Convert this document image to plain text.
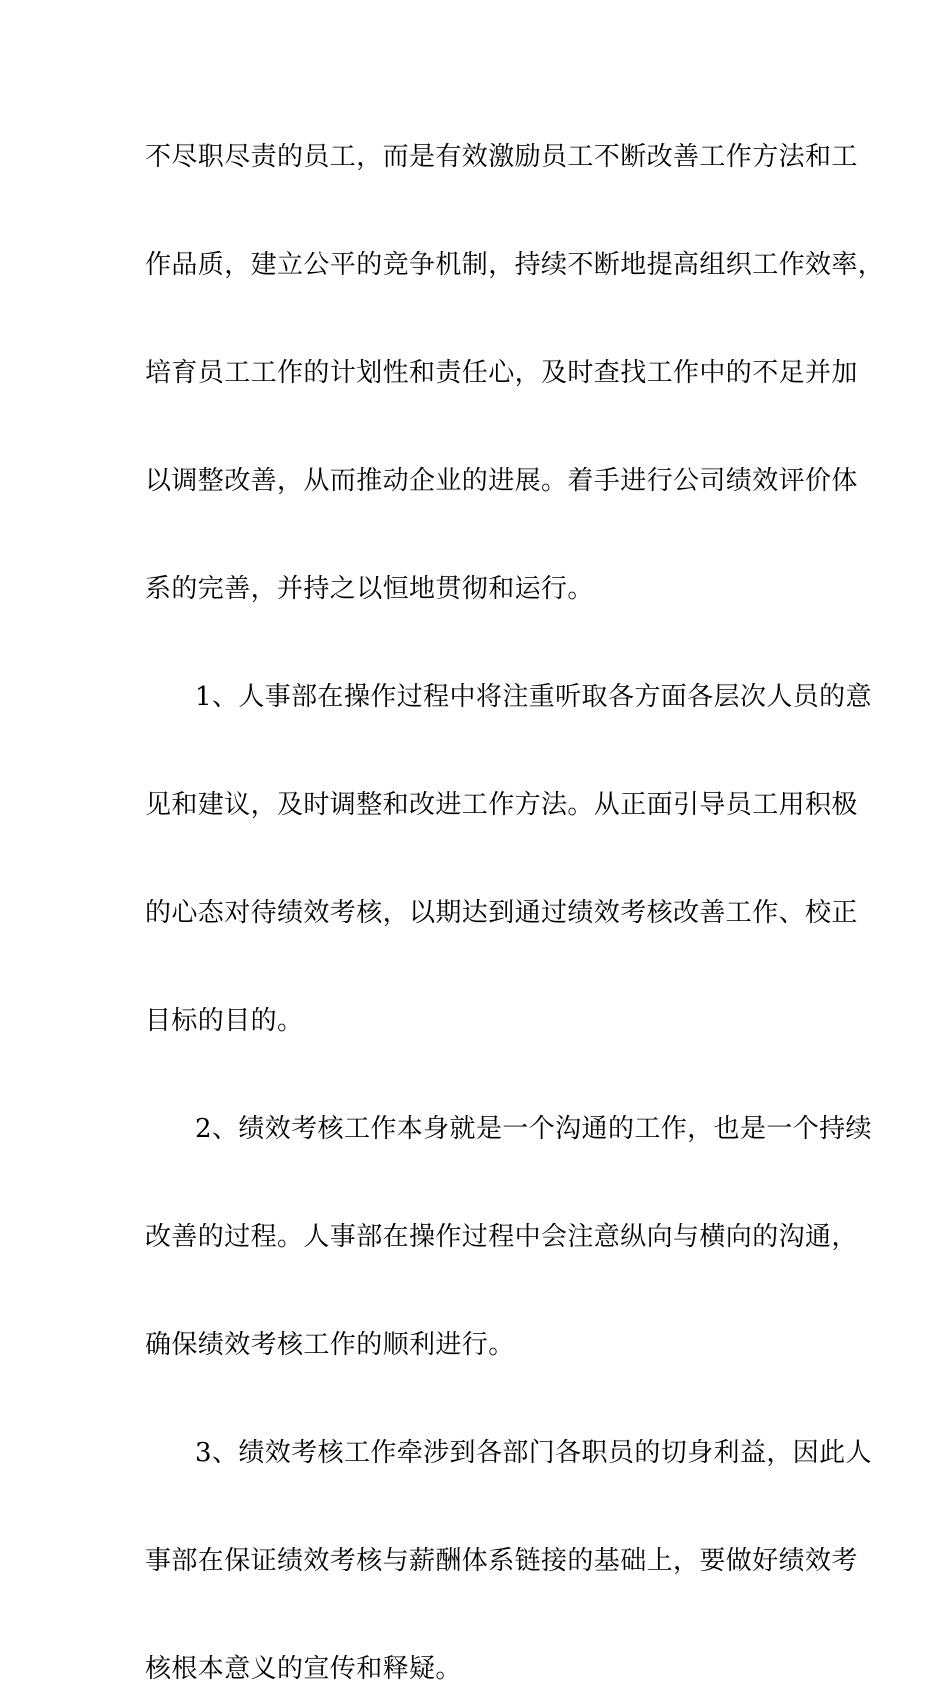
不尽职尽责的员工，而是有效激励员工不断改善工作方法和工
作品质，建立公平的竞争机制，持续不断地提高组织工作效率，
培育员工工作的计划性和责任心，及时查找工作中的不足并加
以调整改善，从而推动企业的进展。着手进行公司绩效评价体
系的完善，并持之以恒地贯彻和运行。
1、人事部在操作过程中将注重听取各方面各层次人员的意
见和建议，及时调整和改进工作方法。从正面引导员工用积极
的心态对待绩效考核，以期达到通过绩效考核改善工作、校正
目标的目的。
2、绩效考核工作本身就是一个沟通的工作，也是一个持续
改善的过程。人事部在操作过程中会注意纵向与横向的沟通，
确保绩效考核工作的顺利进行。
3、绩效考核工作牵涉到各部门各职员的切身利益，因此人
事部在保证绩效考核与薪酬体系链接的基础上，要做好绩效考
核根本意义的宣传和释疑。
